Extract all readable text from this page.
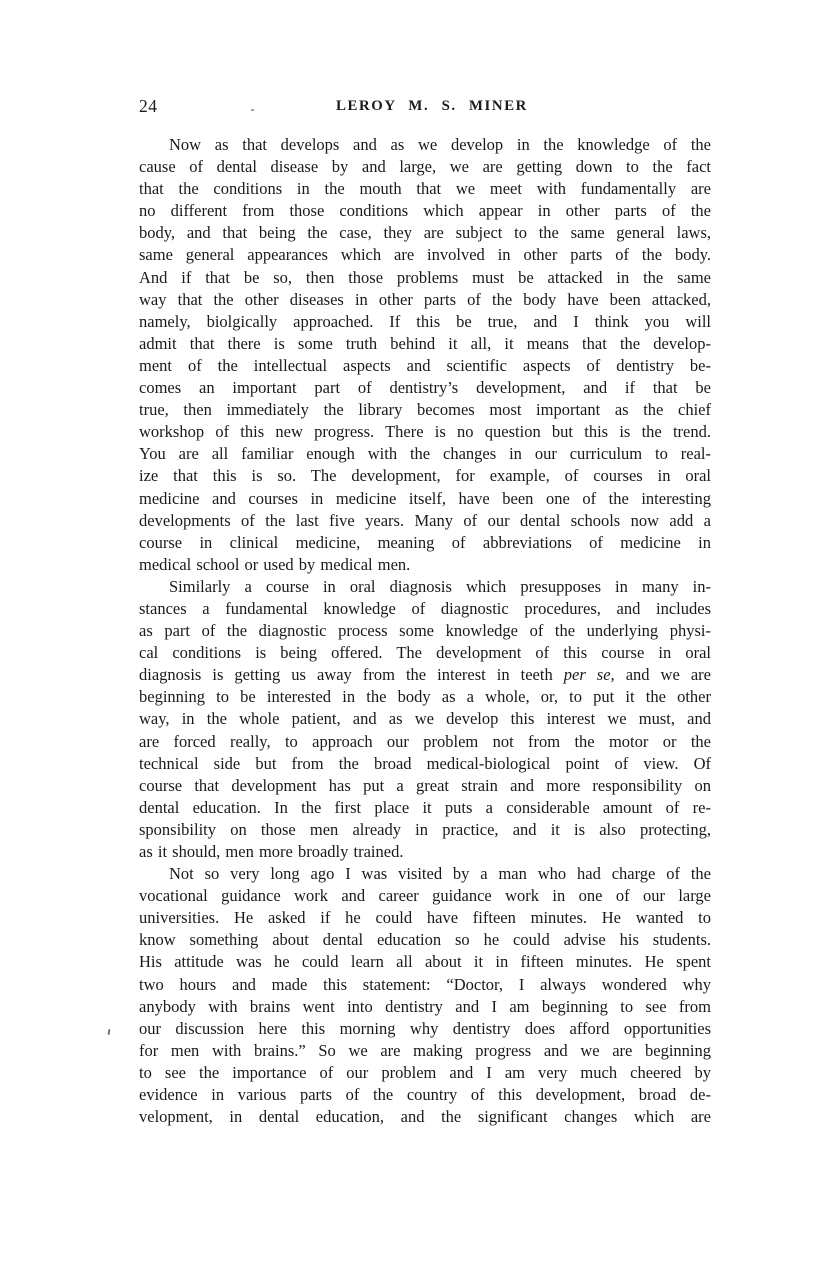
24	LEROY M. S. MINER
Now as that develops and as we develop in the knowledge of the
cause of dental disease by and large, we are getting down to the fact
that the conditions in the mouth that we meet with fundamentally are
no different from those conditions which appear in other parts of the
body, and that being the case, they are subject to the same general laws,
same general appearances which are involved in other parts of the body.
And if that be so, then those problems must be attacked in the same
way that the other diseases in other parts of the body have been attacked,
namely, biolgically approached. If this be true, and I think you will
admit that there is some truth behind it all, it means that the develop-
ment of the intellectual aspects and scientific aspects of dentistry be-
comes an important part of dentistry’s development, and if that be
true, then immediately the library becomes most important as the chief
workshop of this new progress. There is no question but this is the trend.
You are all familiar enough with the changes in our curriculum to real-
ize that this is so. The development, for example, of courses in oral
medicine and courses in medicine itself, have been one of the interesting
developments of the last five years. Many of our dental schools now add a
course in clinical medicine, meaning of abbreviations of medicine in
medical school or used by medical men.
Similarly a course in oral diagnosis which presupposes in many in-
stances a fundamental knowledge of diagnostic procedures, and includes
as part of the diagnostic process some knowledge of the underlying physi-
cal conditions is being offered. The development of this course in oral
diagnosis is getting us away from the interest in teeth per se, and we are
beginning to be interested in the body as a whole, or, to put it the other
way, in the whole patient, and as we develop this interest we must, and
are forced really, to approach our problem not from the motor or the
technical side but from the broad medical-biological point of view. Of
course that development has put a great strain and more responsibility on
dental education. In the first place it puts a considerable amount of re-
sponsibility on those men already in practice, and it is also protecting,
as it should, men more broadly trained.
Not so very long ago I was visited by a man who had charge of the
vocational guidance work and career guidance work in one of our large
universities. He asked if he could have fifteen minutes. He wanted to
know something about dental education so he could advise his students.
His attitude was he could learn all about it in fifteen minutes. He spent
two hours and made this statement: “Doctor, I always wondered why
anybody with brains went into dentistry and I am beginning to see from
our discussion here this morning why dentistry does afford opportunities
for men with brains.” So we are making progress and we are beginning
to see the importance of our problem and I am very much cheered by
evidence in various parts of the country of this development, broad de-
velopment, in dental education, and the significant changes which are
